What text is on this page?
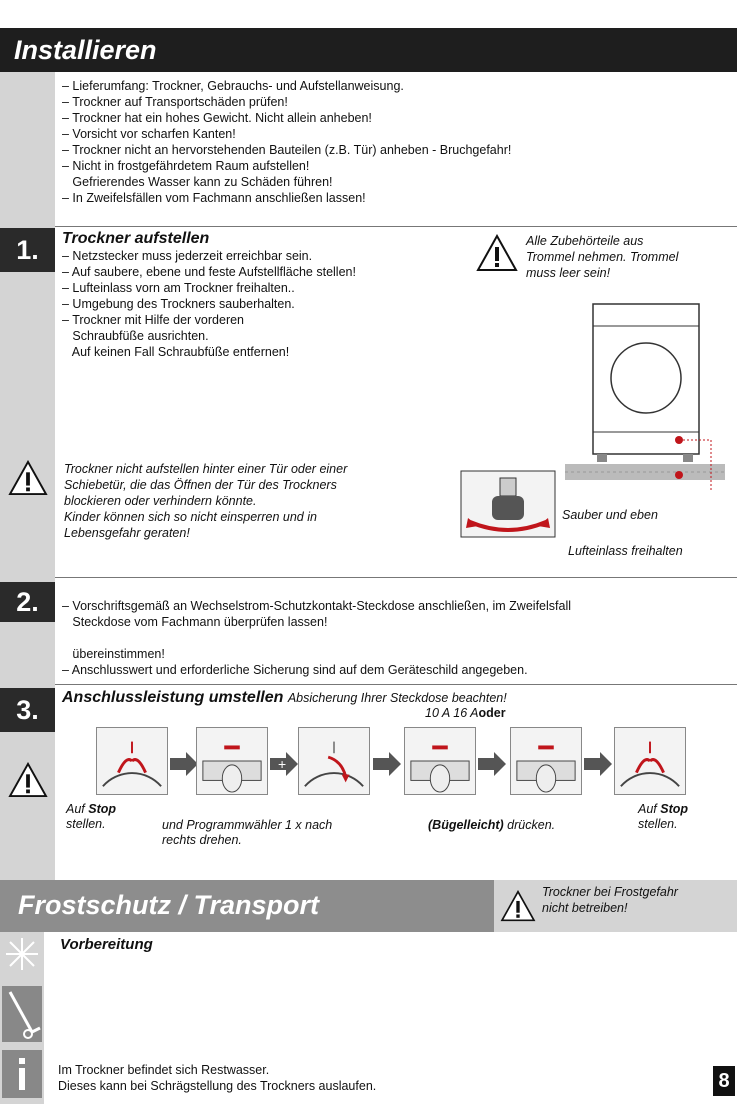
Installieren
– Lieferumfang: Trockner, Gebrauchs- und Aufstellanweisung.
– Trockner auf Transportschäden prüfen!
– Trockner hat ein hohes Gewicht. Nicht allein anheben!
– Vorsicht vor scharfen Kanten!
– Trockner nicht an hervorstehenden Bauteilen (z.B. Tür) anheben - Bruchgefahr!
– Nicht in frostgefährdetem Raum aufstellen!
Gefrierendes Wasser kann zu Schäden führen!
– In Zweifelsfällen vom Fachmann anschließen lassen!
1.	Trockner aufstellen
– Netzstecker muss jederzeit erreichbar sein.
– Auf saubere, ebene und feste Aufstellfläche stellen!
– Lufteinlass vorn am Trockner freihalten..
– Umgebung des Trockners sauberhalten.
– Trockner mit Hilfe der vorderen
Schraubfüße ausrichten.
Auf keinen Fall Schraubfüße entfernen!
Alle Zubehörteile aus
Trommel nehmen. Trommel
muss leer sein!
Sauber und eben
Lufteinlass freihalten
Trockner nicht aufstellen hinter einer Tür oder einer
Schiebetür, die das Öffnen der Tür des Trockners
blockieren oder verhindern könnte.
Kinder können sich so nicht einsperren und in
Lebensgefahr geraten!
2.	– Vorschriftsgemäß an Wechselstrom-Schutzkontakt-Steckdose anschließen, im Zweifelsfall
Steckdose vom Fachmann überprüfen lassen!
übereinstimmen!
– Anschlusswert und erforderliche Sicherung sind auf dem Geräteschild angegeben.
3.	Anschlussleistung umstellen Absicherung Ihrer Steckdose beachten!
10 A 16 Aoder
+
Auf Stop
stellen.	und Programmwähler 1 x nach
rechts drehen.
(Bügelleicht) drücken.
Auf Stop
stellen.
Frostschutz / Transport	Trockner bei Frostgefahr
nicht betreiben!
Vorbereitung
Im Trockner befindet sich Restwasser.
Dieses kann bei Schrägstellung des Trockners auslaufen.	8
